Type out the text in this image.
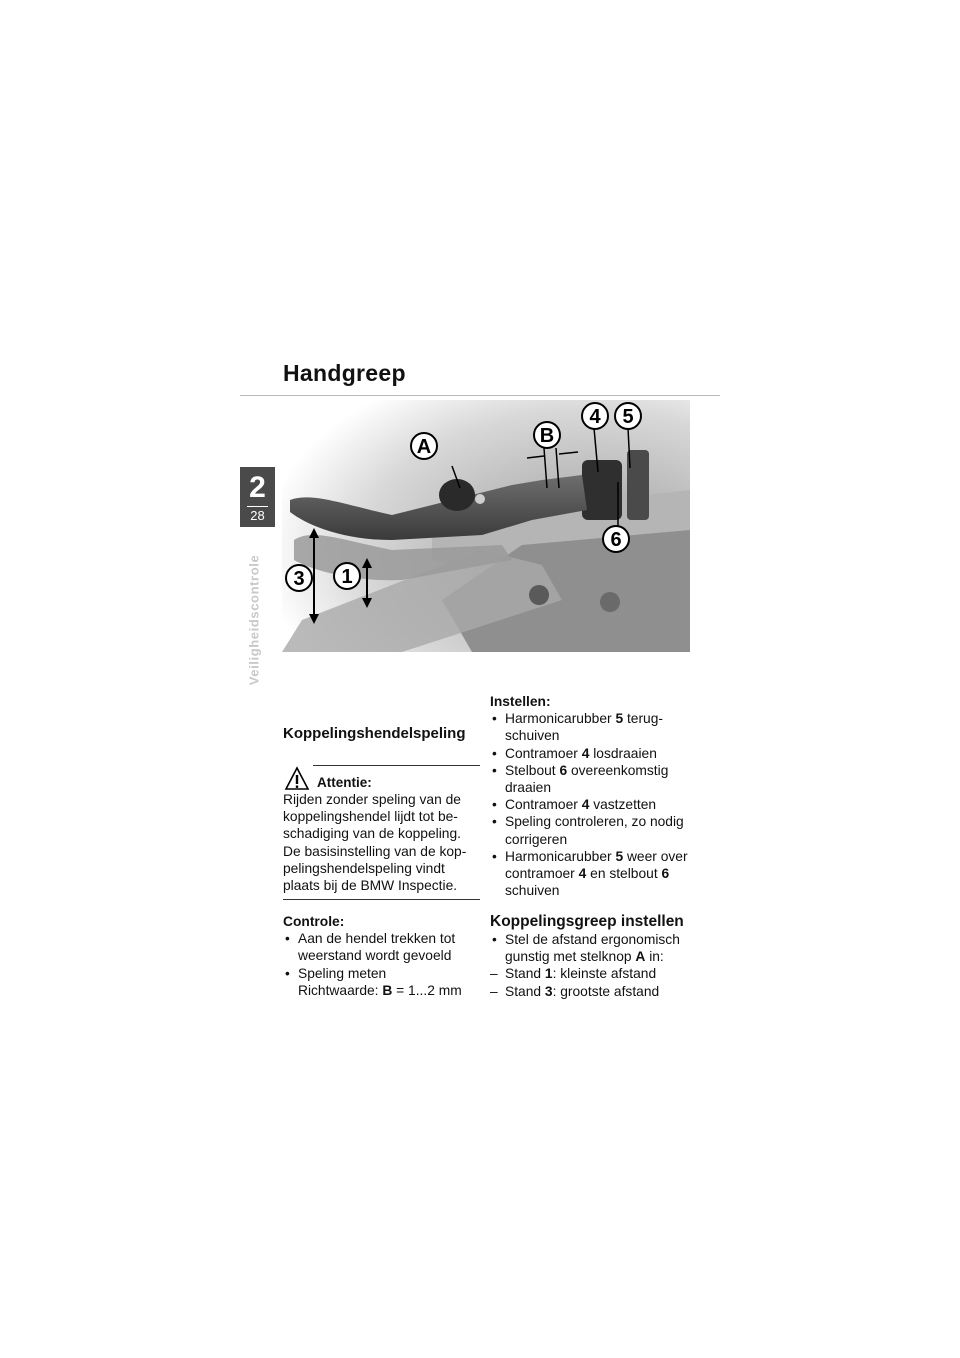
Handgreep
2
28
Veiligheidscontrole
A	B
4 5
6
3 1
Koppelingshendelspeling
Attentie:
Rijden zonder speling van de
koppelingshendel lijdt tot be-
schadiging van de koppeling.
De basisinstelling van de kop-
pelingshendelspeling vindt
plaats bij de BMW Inspectie.
Controle:
• Aan de hendel trekken tot
weerstand wordt gevoeld
• Speling meten
Richtwaarde: B = 1...2 mm
Instellen:
• Harmonicarubber 5 terug-
schuiven
• Contramoer 4 losdraaien
• Stelbout 6 overeenkomstig
draaien
• Contramoer 4 vastzetten
• Speling controleren, zo nodig
corrigeren
• Harmonicarubber 5 weer over
contramoer 4 en stelbout 6
schuiven
Koppelingsgreep instellen
• Stel de afstand ergonomisch
gunstig met stelknop A in:
– Stand 1: kleinste afstand
– Stand 3: grootste afstand
